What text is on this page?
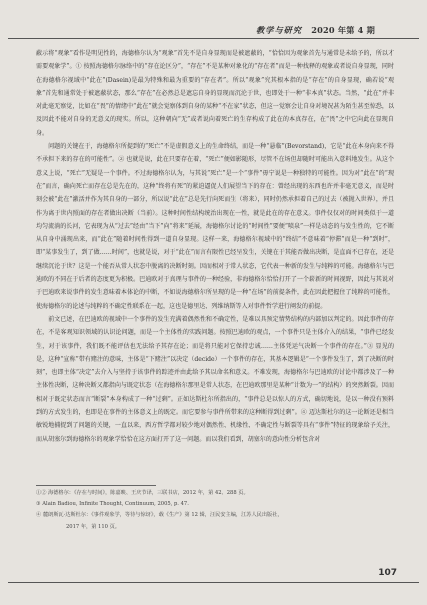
教学与研究 2020 年第 4 期

蔽示将“观象”看作是明见性的，海德格尔认为“观象”首先不是自身显现而是被遮蔽的，“恰恰因为观象首先与通常是未给予的，所以才需要观象学”。① 按照海德格尔脉络中的“存在论区分”，“存在”不是某种对象化的“存在者”而是一种找释的观象或者说自身显现，同时在海德格尔视域中“此在”(Dasein)是最为特殊和最为重要的“存在者”。所以“观象”究其根本指的是“存在”的自身显现，确若说“观象”首先和通常处于被遮蔽状态，那么“存在”在必然总是遮忘自身的显现而沉沦于世，也即处于一种“非本真”状态。当然，“此在”并非对此毫无察觉，比如在“畏”的情绪中“此在”就会觉察体到自身的某种“不在家”状态，但这一觉察会让自身对境况甚为陌生甚至惊恐，以及因此不能对自身的无意义的现实。所以，这种朝向“无”或者说向着死亡的生存构成了此在的本真存在，在“畏”之中它向此在显现自身。

问题的关键在于，海德格尔所提到的“死亡”不是虚假意义上的生命终结，而是一种“悬临”(Bevorstand)，它是“此在本身向来不得不承担下来的存在的可能性”。② 也就是说，此在只要存在着，“死亡”便如影随形，尽管不在场但却随时可能出入意料地发生。从这个意义上说，“死亡”无疑是一个事件。不过海德格尔认为，与其说“死亡”是一个“事件”毋宁说是一种独特的可能性。因为对“此在”的“现在”而言，确向死亡而存在总是先在的，这种“终将有死”的紧迫逼促人们展望当下的存在：曾经出现的东西也许并非毫无意义，而是时刻会被“此在”激活并作为其自身的一部分，所以说“此在”总是先行向死而生（将来），同时仍然承担着自己的过去（被抛入世界），并且作为离于世内照面的存在者做出决断（当前）。这种时间性结构统治出现在一性，就是此在的存在意义。事件仅仅对的时间类似于一道均匀流淌的长河，它表现为从“过去”经由“当下”向“将来”延展，海德格尔讨论的“时间性”要便“喷泉”一样是动态的与发生性的，它不断从自身中涌现出来，而“此在”随着时间性得到一道自身显现。这样一来，海德格尔视域中的“终结”不意味着“停滞”而是一种“到时”，即“某事发生了，到了做……时间”，也就是说，对于“此在”而言有限性已经呈发生，关键在于其能否做出决断，是直面不已存在，还是继续沉沦于世？这是一个能否从常人状态中脱离的决断时刻。因而相对于常人状态，它代表一种新的发生与纯粹的可能。海德格尔与巴迪欧的不同在于后者的态度更为积极。巴迪欧对于真理与事件的一种经验，非海德格尔恰恰打开了一个崭新的时间视野，因此与其说对于巴迪欧来说事件的发生意味着本体论的中断，不如说海德格尔所呈现的是一种“在场”的前提条件，此在因此把握住了纯粹的可能性，使海德格尔的论述与纯粹的不确定性联系在一起，这也是德里达、列维纳斯等人对事件哲学进行阐发的前提。

前文已述，在巴迪欧的视域中一个事件的发生充满着偶然性和不确定性，是难以具预定情势结构的内部加以判定的。因此事件的存在，不是客观知识领域的认识论问题，而是一个主体性的实践问题。按照巴迪欧的观点，一个事件只是主体介入的结果，“事件已经发生，对于该事件，我们既不能评估也无法给予其存在论；而是将只能对它保持忠诚……主体凭运气决断一个事件的存在。”③ 显见的是，这种“宣称”带有赌注的意味，主体是“下赌注”以决定（decide）一个事件的存在，其基本逻辑是“一个事件发生了，到了决断的时刻”，也即主体“决定”去介入与坚持于该事件的踪迹并由此给予其以命名和意义。不难发现，海德格尔与巴迪欧的讨论中都涉及了一种主体性决断，这种决断又都指向与既定状态（在海德格尔那里是常人状态，在巴迪欧那里是某种“计数为一”的结构）的突然断裂。因而相对于既定状态而言“断裂”本身构成了一种“过剩”。正如达斯杜尔所指出的，“事件总是以惊人的方式，确切地说，是以一种没有预料到的方式发生的，也即是在事件的主体意义上的既定。而它要参与事件所带来的这种断得到过剩”。④ 迈达斯杜尔的这一论断还是相当敏锐地捕捉到了问题的关键，一直以来，西方哲学都对较少地对偶然性、机缘性、不确定性与断裂等具有“事件”特征的现象给予关注，而从胡塞尔到海德格尔的观象学恰恰在这方面打开了这一问题。而以我们看到，胡塞尔的意向性分析包含对

①② 海德格尔：《存在与时间》，陈嘉映、王庆节译，三联书店，2012 年，第 42、288 页。

③ Alain Badiou, Infinite Thought, Continuum, 2005, p. 47.

④ 麓朗斯瓦·达斯杜尔：《事件观象学，等待与惊讶》，载《生产》第 12 辑，汪民安主编，江苏人民出版社，

2017 年，第 110 页。

107
